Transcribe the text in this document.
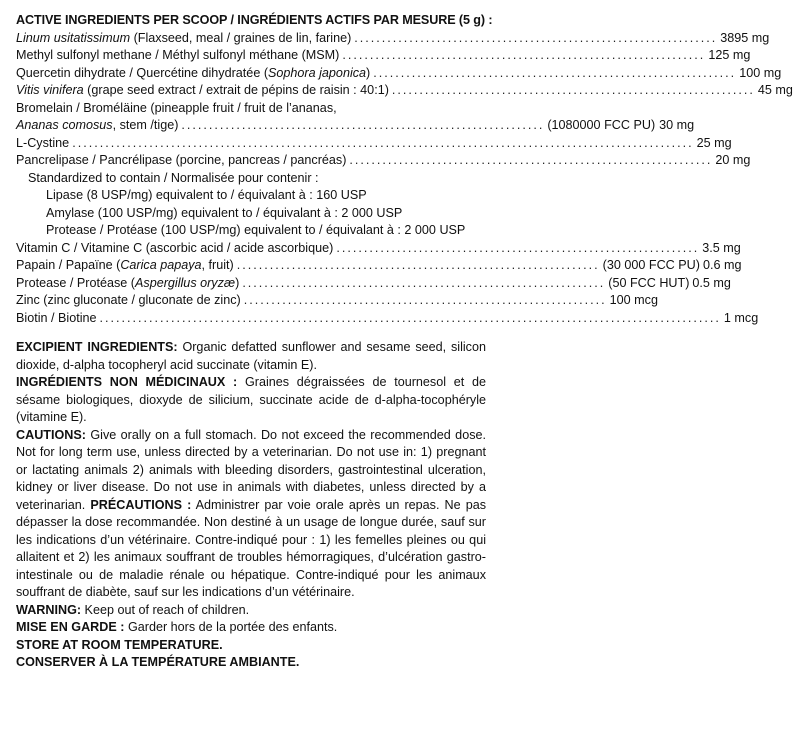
ACTIVE INGREDIENTS PER SCOOP / INGRÉDIENTS ACTIFS PAR MESURE (5 g) :
Linum usitatissimum (Flaxseed, meal / graines de lin, farine) .................................................................. 3895 mg
Methyl sulfonyl methane / Méthyl sulfonyl méthane (MSM) .................................................................. 125 mg
Quercetin dihydrate / Quercétine dihydratée (Sophora japonica) .................................................................. 100 mg
Vitis vinifera (grape seed extract / extrait de pépins de raisin : 40:1) .................................................................. 45 mg
Bromelain / Broméläine (pineapple fruit / fruit de l’ananas,
Ananas comosus, stem /tige) .................................................................. (1080000 FCC PU) 30 mg
L-Cystine ................................................................................................................. 25 mg
Pancrelipase / Pancrélipase (porcine, pancreas / pancréas) .................................................................. 20 mg
Standardized to contain / Normalisée pour contenir :
Lipase (8 USP/mg) equivalent to / équivalant à : 160 USP
Amylase (100 USP/mg) equivalent to / équivalant à : 2 000 USP
Protease / Protéase (100 USP/mg) equivalent to / équivalant à : 2 000 USP
Vitamin C / Vitamine C (ascorbic acid / acide ascorbique) .................................................................. 3.5 mg
Papain / Papaïne (Carica papaya, fruit) .................................................................. (30 000 FCC PU) 0.6 mg
Protease / Protéase (Aspergillus oryzæ) .................................................................. (50 FCC HUT) 0.5 mg
Zinc (zinc gluconate / gluconate de zinc) .................................................................. 100 mcg
Biotin / Biotine ................................................................................................................. 1 mcg
EXCIPIENT INGREDIENTS: Organic defatted sunflower and sesame seed, silicon dioxide, d-alpha tocopheryl acid succinate (vitamin E).
INGRÉDIENTS NON MÉDICINAUX : Graines dégraissées de tournesol et de sésame biologiques, dioxyde de silicium, succinate acide de d-alpha-tocophéryle (vitamine E).
CAUTIONS: Give orally on a full stomach. Do not exceed the recommended dose. Not for long term use, unless directed by a veterinarian. Do not use in: 1) pregnant or lactating animals 2) animals with bleeding disorders, gastrointestinal ulceration, kidney or liver disease. Do not use in animals with diabetes, unless directed by a veterinarian. PRÉCAUTIONS : Administrer par voie orale après un repas. Ne pas dépasser la dose recommandée. Non destiné à un usage de longue durée, sauf sur les indications d’un vétérinaire. Contre-indiqué pour : 1) les femelles pleines ou qui allaitent et 2) les animaux souffrant de troubles hémorragiques, d’ulcération gastro-intestinale ou de maladie rénale ou hépatique. Contre-indiqué pour les animaux souffrant de diabète, sauf sur les indications d’un vétérinaire.
WARNING: Keep out of reach of children.
MISE EN GARDE : Garder hors de la portée des enfants.
STORE AT ROOM TEMPERATURE.
CONSERVER À LA TEMPÉRATURE AMBIANTE.
